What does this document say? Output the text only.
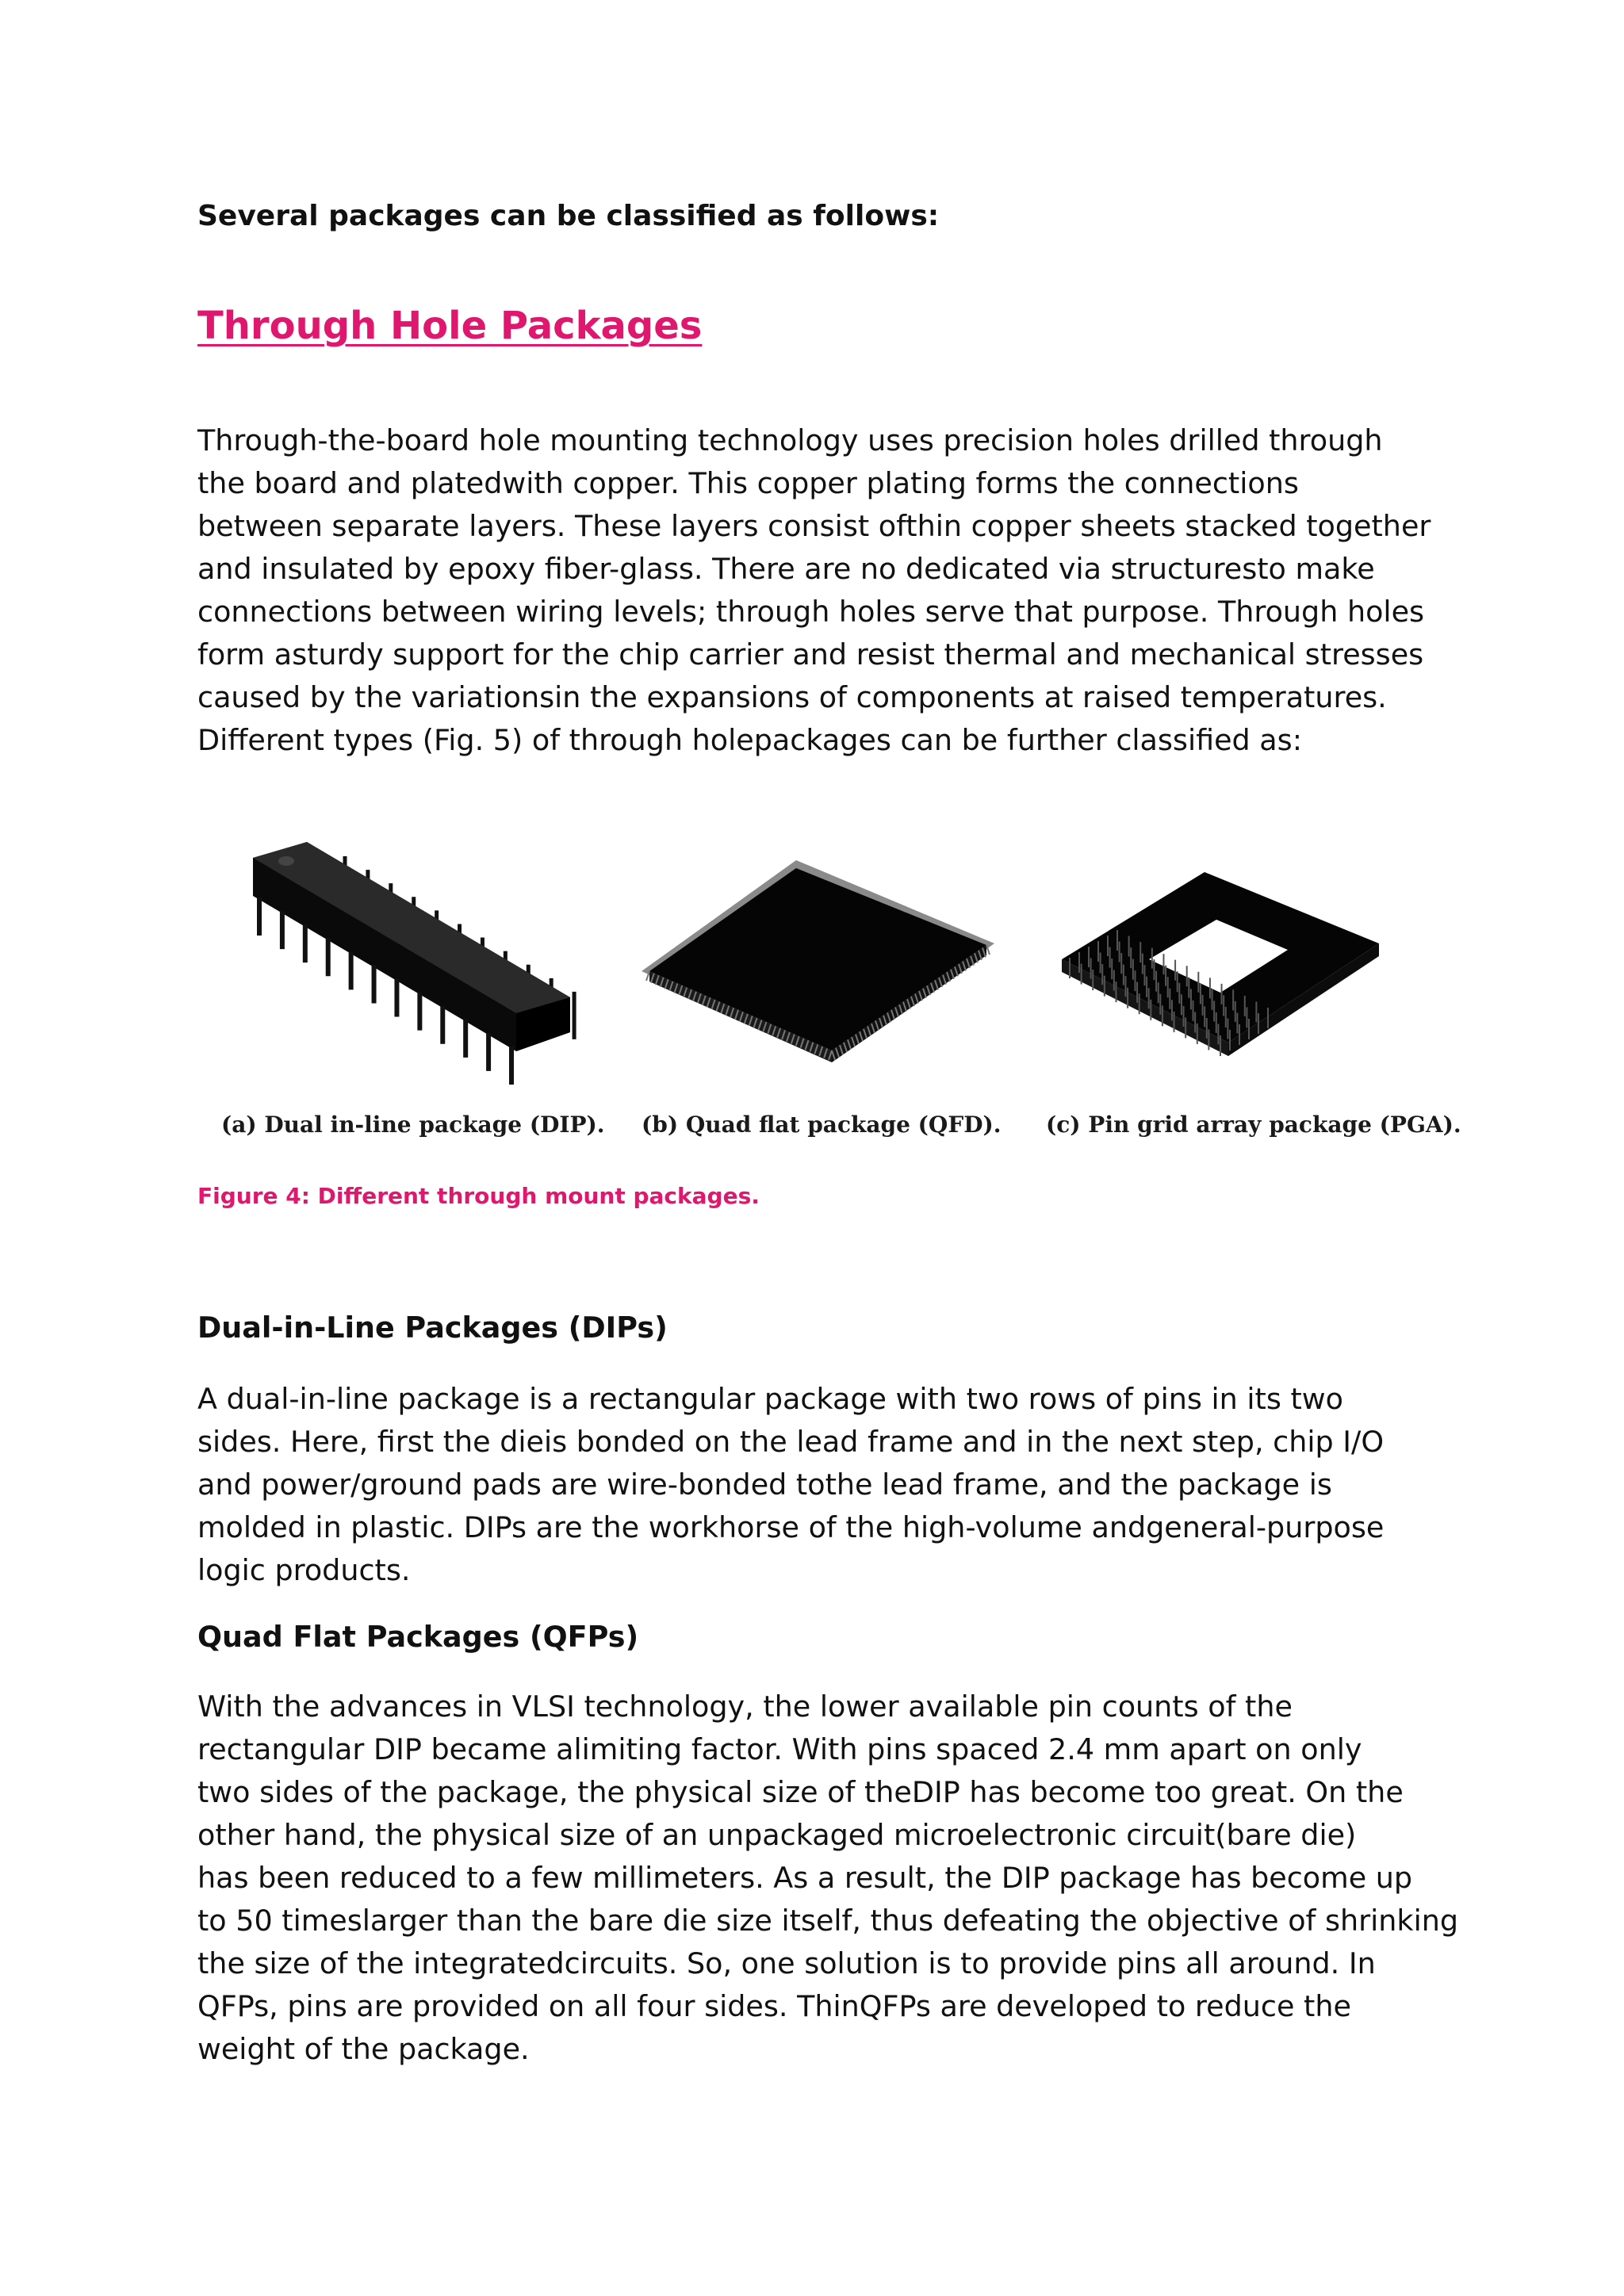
Several packages can be classified as follows:

Through Hole Packages
Through-the-board hole mounting technology uses precision holes drilled through
the board and platedwith copper. This copper plating forms the connections
between separate layers. These layers consist ofthin copper sheets stacked together
and insulated by epoxy fiber-glass. There are no dedicated via structuresto make
connections between wiring levels; through holes serve that purpose. Through holes
form asturdy support for the chip carrier and resist thermal and mechanical stresses
caused by the variationsin the expansions of components at raised temperatures.
Different types (Fig. 5) of through holepackages can be further classified as:
(a) Dual in-line package (DIP). (b) Quad flat package (QFD). (c) Pin grid array package (PGA).

Figure 4: Different through mount packages.

Dual-in-Line Packages (DIPs)
A dual-in-line package is a rectangular package with two rows of pins in its two
sides. Here, first the dieis bonded on the lead frame and in the next step, chip I/O
and power/ground pads are wire-bonded tothe lead frame, and the package is
molded in plastic. DIPs are the workhorse of the high-volume andgeneral-purpose
logic products.
Quad Flat Packages (QFPs)
With the advances in VLSI technology, the lower available pin counts of the
rectangular DIP became alimiting factor. With pins spaced 2.4 mm apart on only
two sides of the package, the physical size of theDIP has become too great. On the
other hand, the physical size of an unpackaged microelectronic circuit(bare die)
has been reduced to a few millimeters. As a result, the DIP package has become up
to 50 timeslarger than the bare die size itself, thus defeating the objective of shrinking
the size of the integratedcircuits. So, one solution is to provide pins all around. In
QFPs, pins are provided on all four sides. ThinQFPs are developed to reduce the
weight of the package.
